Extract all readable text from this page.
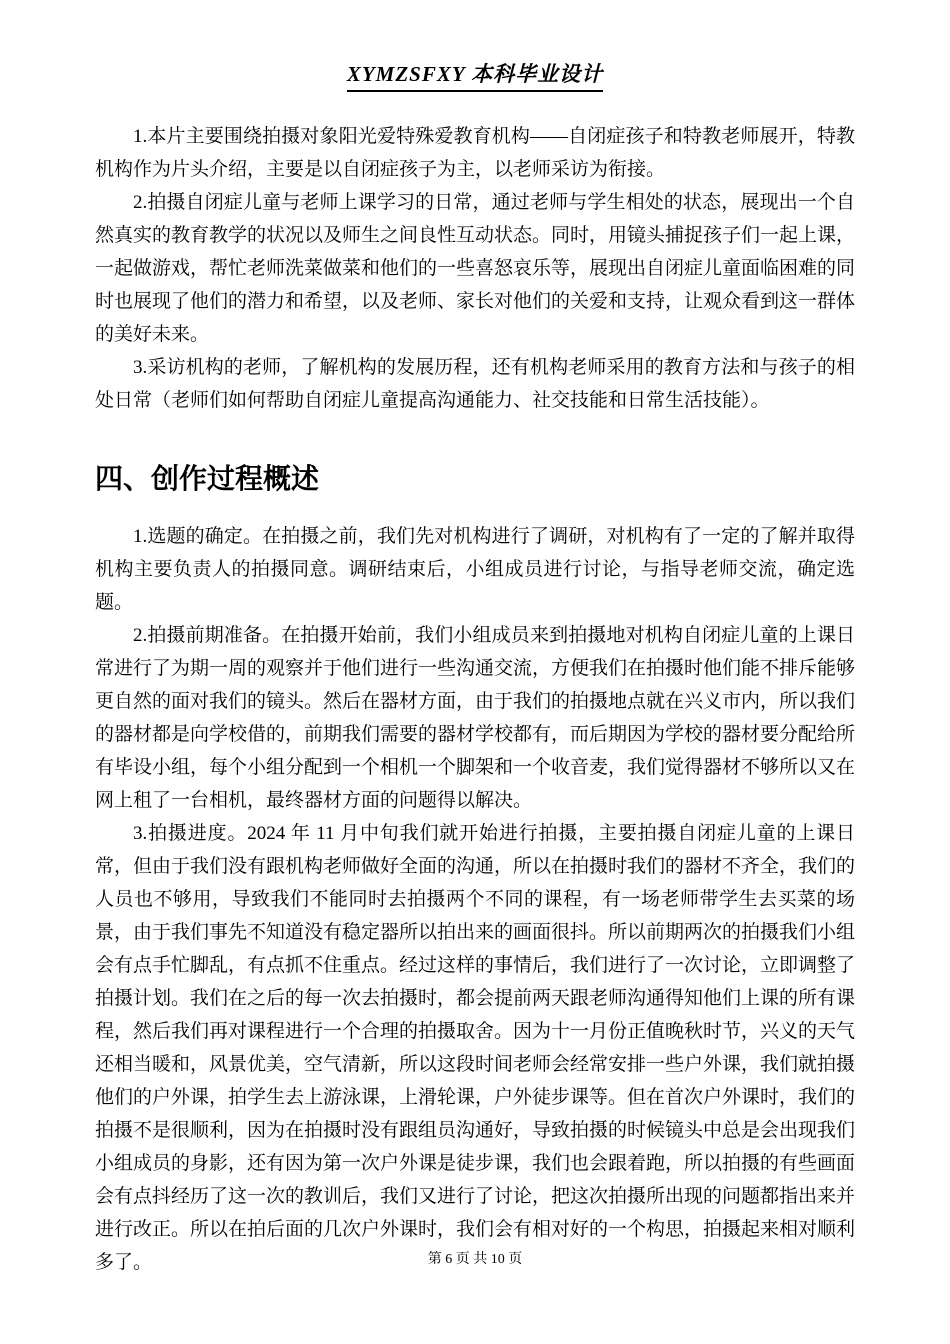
XYMZSFXY 本科毕业设计

1.本片主要围绕拍摄对象阳光爱特殊爱教育机构——自闭症孩子和特教老师展开，特教机构作为片头介绍，主要是以自闭症孩子为主，以老师采访为衔接。

2.拍摄自闭症儿童与老师上课学习的日常，通过老师与学生相处的状态，展现出一个自然真实的教育教学的状况以及师生之间良性互动状态。同时，用镜头捕捉孩子们一起上课，一起做游戏，帮忙老师洗菜做菜和他们的一些喜怒哀乐等，展现出自闭症儿童面临困难的同时也展现了他们的潜力和希望，以及老师、家长对他们的关爱和支持，让观众看到这一群体的美好未来。

3.采访机构的老师，了解机构的发展历程，还有机构老师采用的教育方法和与孩子的相处日常（老师们如何帮助自闭症儿童提高沟通能力、社交技能和日常生活技能）。

四、创作过程概述

1.选题的确定。在拍摄之前，我们先对机构进行了调研，对机构有了一定的了解并取得机构主要负责人的拍摄同意。调研结束后，小组成员进行讨论，与指导老师交流，确定选题。

2.拍摄前期准备。在拍摄开始前，我们小组成员来到拍摄地对机构自闭症儿童的上课日常进行了为期一周的观察并于他们进行一些沟通交流，方便我们在拍摄时他们能不排斥能够更自然的面对我们的镜头。然后在器材方面，由于我们的拍摄地点就在兴义市内，所以我们的器材都是向学校借的，前期我们需要的器材学校都有，而后期因为学校的器材要分配给所有毕设小组，每个小组分配到一个相机一个脚架和一个收音麦，我们觉得器材不够所以又在网上租了一台相机，最终器材方面的问题得以解决。

3.拍摄进度。2024 年 11 月中旬我们就开始进行拍摄，主要拍摄自闭症儿童的上课日常，但由于我们没有跟机构老师做好全面的沟通，所以在拍摄时我们的器材不齐全，我们的人员也不够用，导致我们不能同时去拍摄两个不同的课程，有一场老师带学生去买菜的场景，由于我们事先不知道没有稳定器所以拍出来的画面很抖。所以前期两次的拍摄我们小组会有点手忙脚乱，有点抓不住重点。经过这样的事情后，我们进行了一次讨论，立即调整了拍摄计划。我们在之后的每一次去拍摄时，都会提前两天跟老师沟通得知他们上课的所有课程，然后我们再对课程进行一个合理的拍摄取舍。因为十一月份正值晚秋时节，兴义的天气还相当暖和，风景优美，空气清新，所以这段时间老师会经常安排一些户外课，我们就拍摄他们的户外课，拍学生去上游泳课，上滑轮课，户外徒步课等。但在首次户外课时，我们的拍摄不是很顺利，因为在拍摄时没有跟组员沟通好，导致拍摄的时候镜头中总是会出现我们小组成员的身影，还有因为第一次户外课是徒步课，我们也会跟着跑，所以拍摄的有些画面会有点抖经历了这一次的教训后，我们又进行了讨论，把这次拍摄所出现的问题都指出来并进行改正。所以在拍后面的几次户外课时，我们会有相对好的一个构思，拍摄起来相对顺利多了。	第 6 页 共 10 页
